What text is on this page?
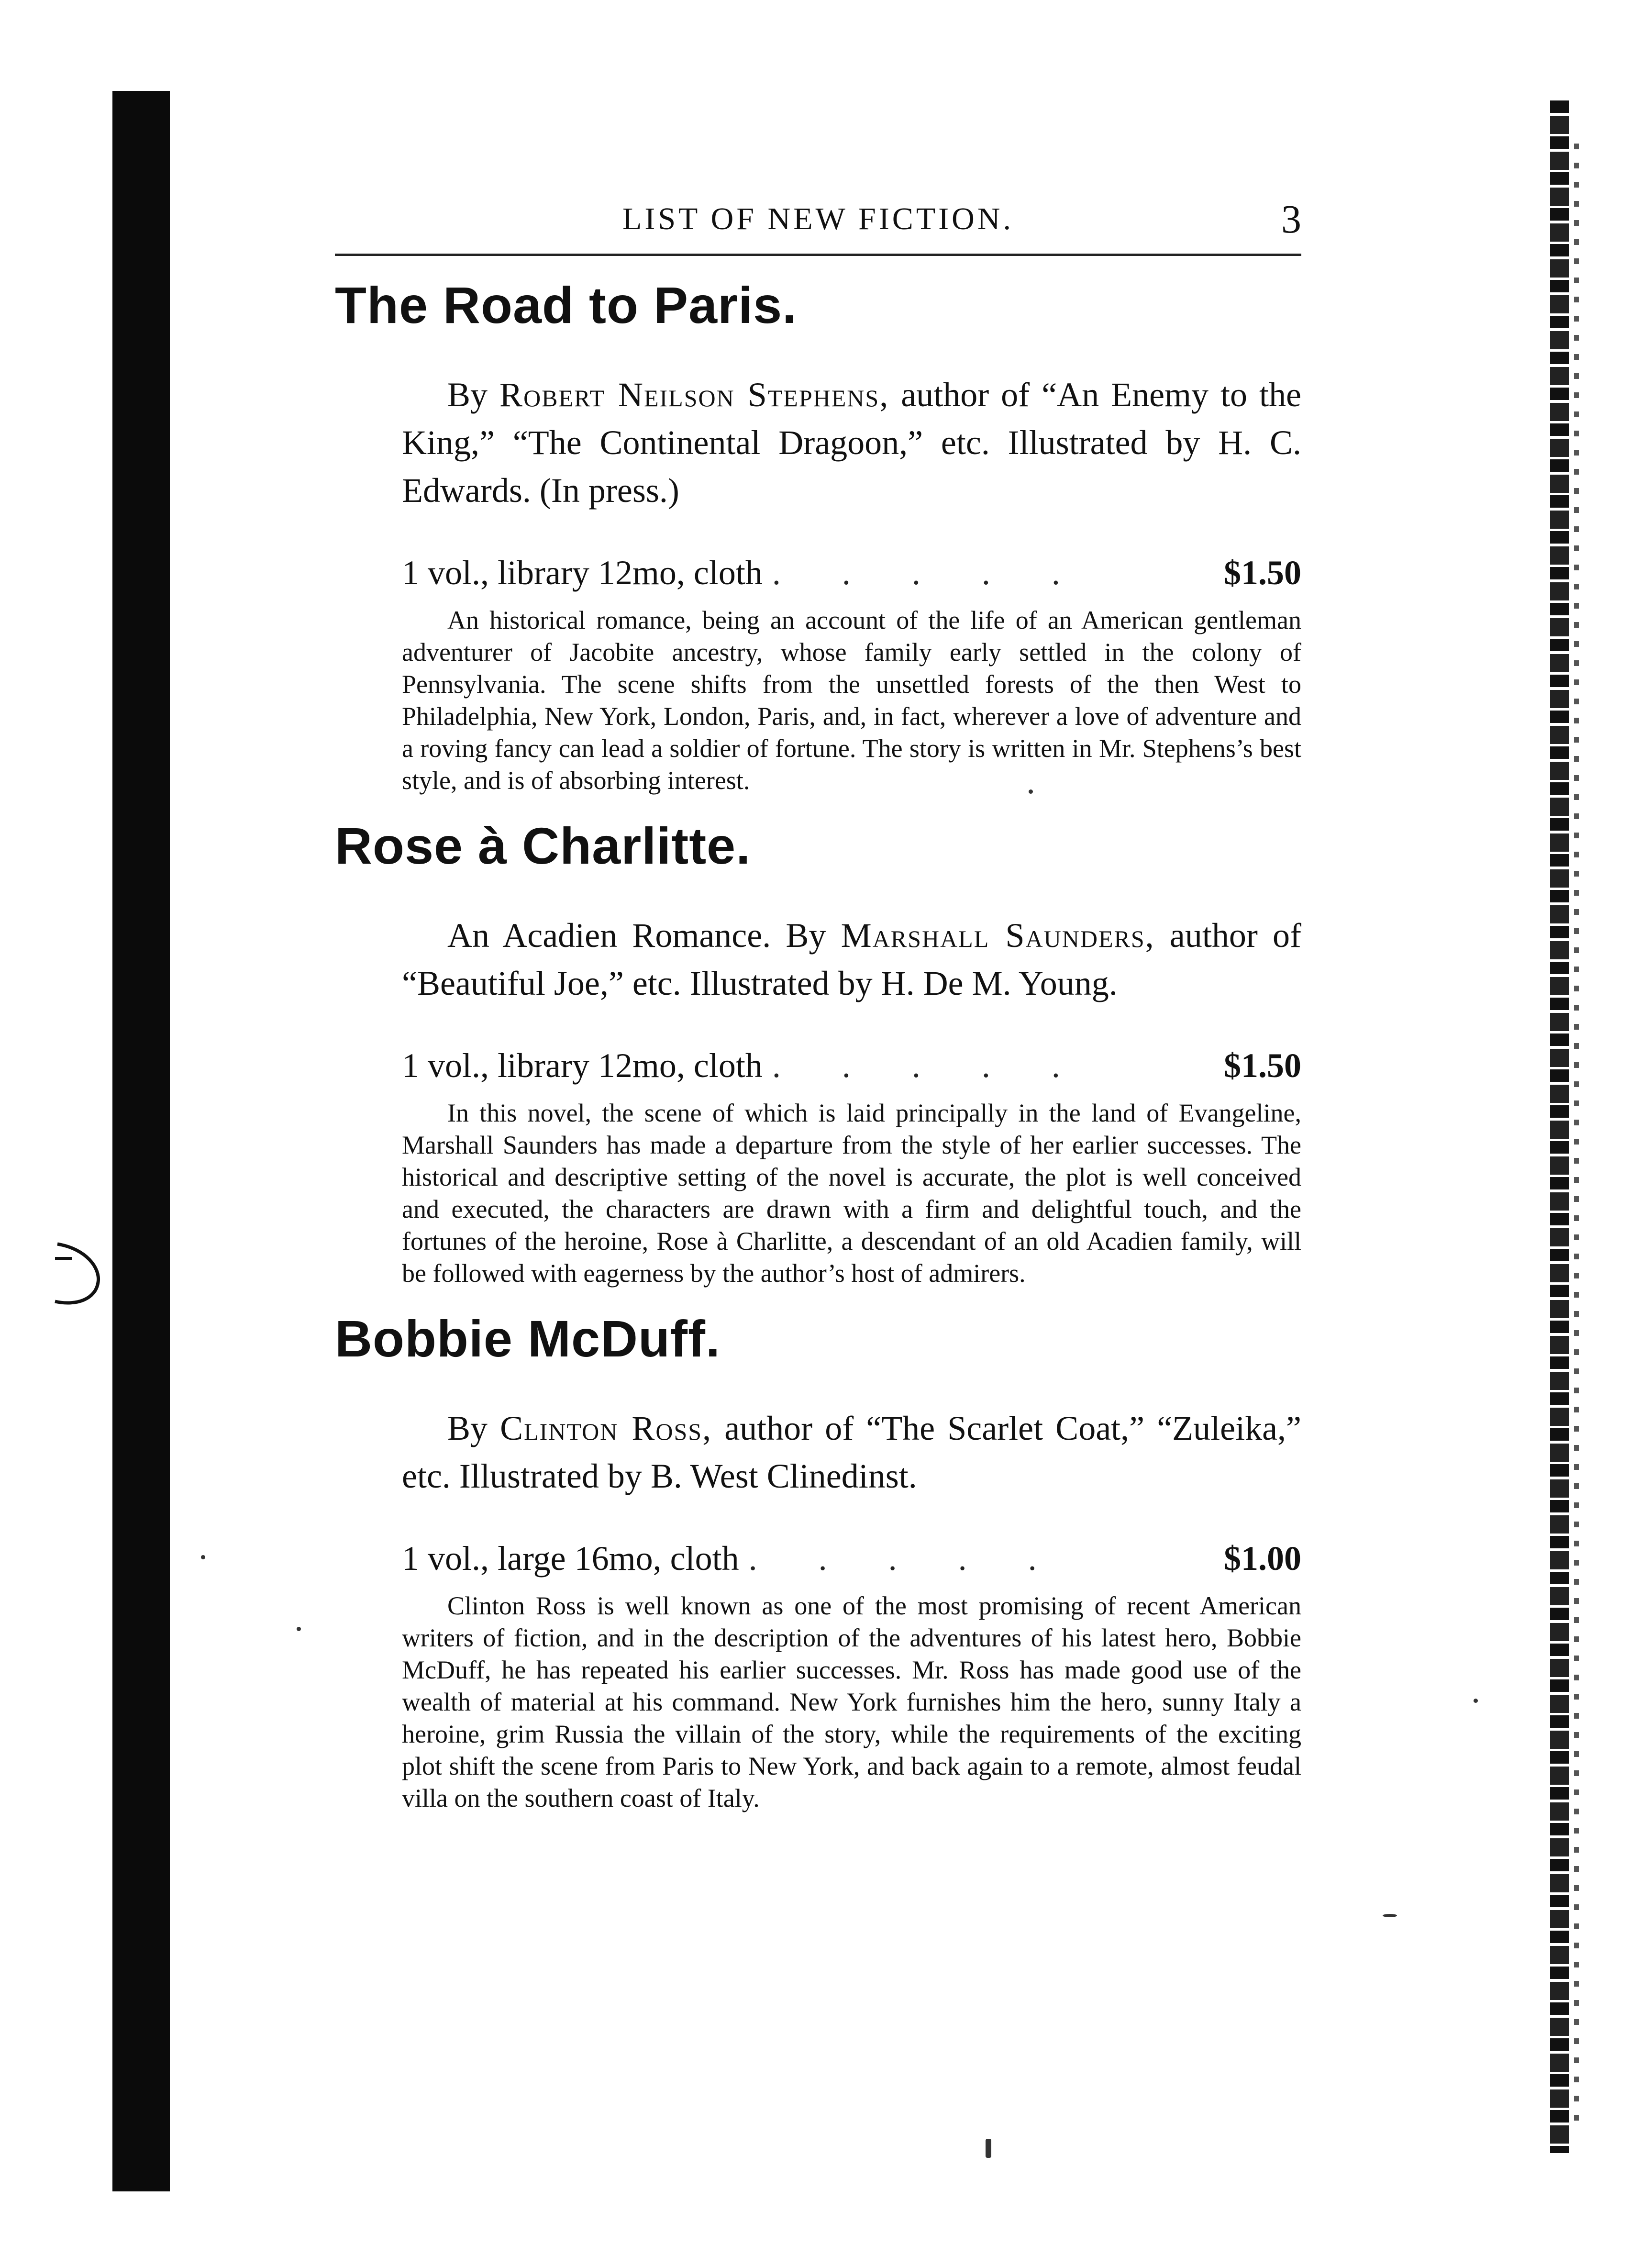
LIST OF NEW FICTION.	3
The Road to Paris.

By Robert Neilson Stephens, author of “An Enemy to the King,” “The Continental Dragoon,” etc. Illustrated by H. C. Edwards. (In press.)

1 vol., library 12mo, cloth . . . . .	$1.50

An historical romance, being an account of the life of an American gentleman adventurer of Jacobite ancestry, whose family early settled in the colony of Pennsylvania. The scene shifts from the unsettled forests of the then West to Philadelphia, New York, London, Paris, and, in fact, wherever a love of adventure and a roving fancy can lead a soldier of fortune. The story is written in Mr. Stephens’s best style, and is of absorbing interest.

Rose à Charlitte.

An Acadien Romance. By Marshall Saunders, author of “Beautiful Joe,” etc. Illustrated by H. De M. Young.

1 vol., library 12mo, cloth . . . . .	$1.50

In this novel, the scene of which is laid principally in the land of Evangeline, Marshall Saunders has made a departure from the style of her earlier successes. The historical and descriptive setting of the novel is accurate, the plot is well conceived and executed, the characters are drawn with a firm and delightful touch, and the fortunes of the heroine, Rose à Charlitte, a descendant of an old Acadien family, will be followed with eagerness by the author’s host of admirers.

Bobbie McDuff.

By Clinton Ross, author of “The Scarlet Coat,” “Zuleika,” etc. Illustrated by B. West Clinedinst.

1 vol., large 16mo, cloth . . . . .	$1.00

Clinton Ross is well known as one of the most promising of recent American writers of fiction, and in the description of the adventures of his latest hero, Bobbie McDuff, he has repeated his earlier successes. Mr. Ross has made good use of the wealth of material at his command. New York furnishes him the hero, sunny Italy a heroine, grim Russia the villain of the story, while the requirements of the exciting plot shift the scene from Paris to New York, and back again to a remote, almost feudal villa on the southern coast of Italy.
